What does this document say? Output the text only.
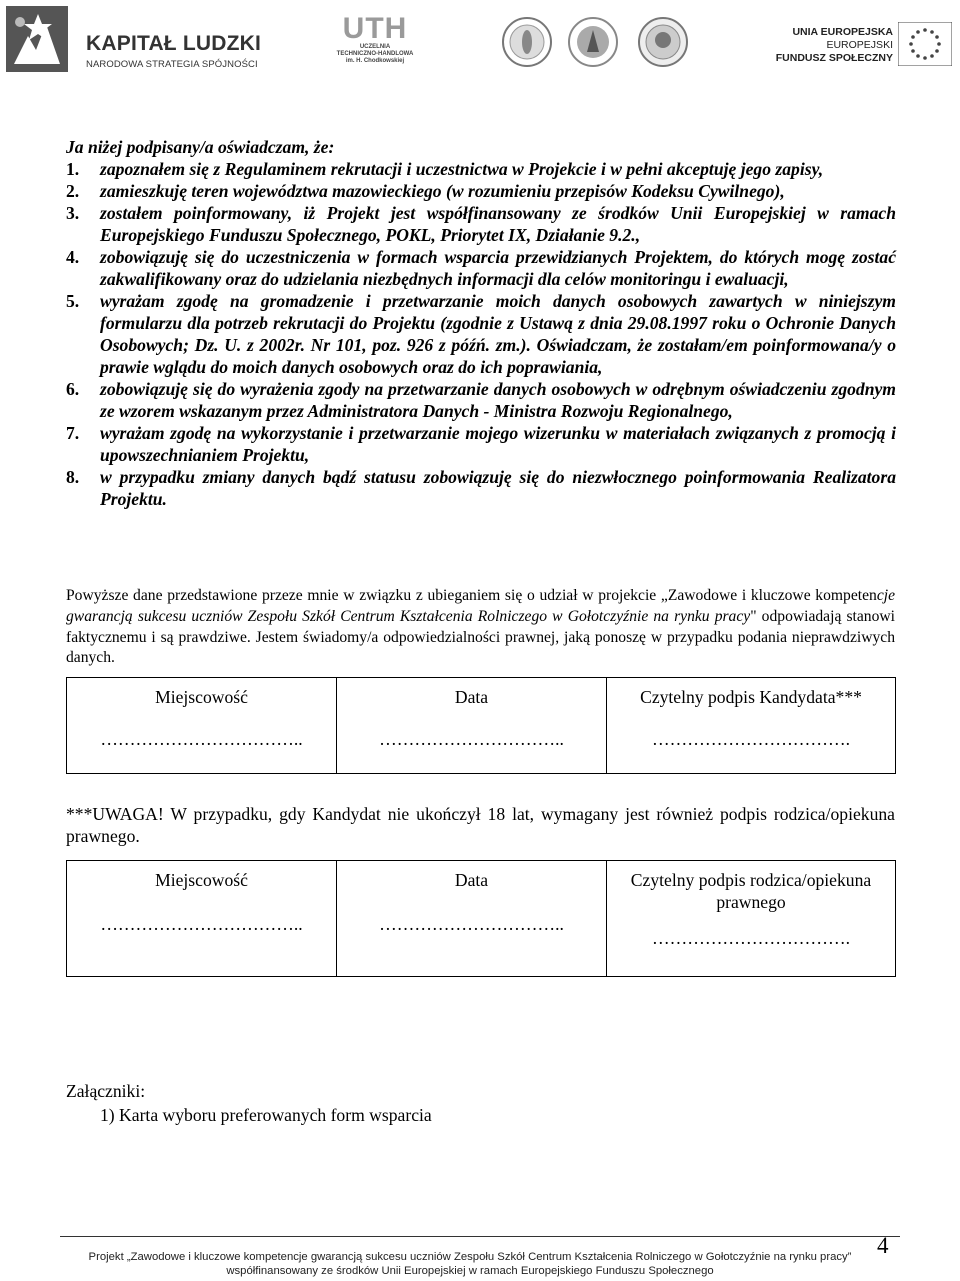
KAPITAŁ LUDZKI
NARODOWA STRATEGIA SPÓJNOŚCI
UTH
UCZELNIA
TECHNICZNO-HANDLOWA
im. H. Chodkowskiej
UNIA EUROPEJSKA
EUROPEJSKI
FUNDUSZ SPOŁECZNY
Ja niżej podpisany/a oświadczam, że:
1. zapoznałem się z Regulaminem rekrutacji i uczestnictwa w Projekcie i w pełni akceptuję jego zapisy,
2. zamieszkuję teren województwa mazowieckiego (w rozumieniu przepisów Kodeksu Cywilnego),
3. zostałem poinformowany, iż Projekt jest współfinansowany ze środków Unii Europejskiej w ramach Europejskiego Funduszu Społecznego, POKL, Priorytet IX, Działanie 9.2.,
4. zobowiązuję się do uczestniczenia w formach wsparcia przewidzianych Projektem, do których mogę zostać zakwalifikowany oraz do udzielania niezbędnych informacji dla celów monitoringu i ewaluacji,
5. wyrażam zgodę na gromadzenie i przetwarzanie moich danych osobowych zawartych w niniejszym formularzu dla potrzeb rekrutacji do Projektu (zgodnie z Ustawą z dnia 29.08.1997 roku o Ochronie Danych Osobowych; Dz. U. z 2002r. Nr 101, poz. 926 z późń. zm.). Oświadczam, że zostałam/em poinformowana/y o prawie wglądu do moich danych osobowych oraz do ich poprawiania,
6. zobowiązuję się do wyrażenia zgody na przetwarzanie danych osobowych w odrębnym oświadczeniu zgodnym ze wzorem wskazanym przez Administratora Danych - Ministra Rozwoju Regionalnego,
7. wyrażam zgodę na wykorzystanie i przetwarzanie mojego wizerunku w materiałach związanych z promocją i upowszechnianiem Projektu,
8. w przypadku zmiany danych bądź statusu zobowiązuję się do niezwłocznego poinformowania Realizatora Projektu.

Powyższe dane przedstawione przeze mnie w związku z ubieganiem się o udział w projekcie „Zawodowe i kluczowe kompetencje gwarancją sukcesu uczniów Zespołu Szkół Centrum Kształcenia Rolniczego w Gołotczyźnie na rynku pracy" odpowiadają stanowi faktycznemu i są prawdziwe. Jestem świadomy/a odpowiedzialności prawnej, jaką ponoszę w przypadku podania nieprawdziwych danych.

Miejscowość
……………………………..
	Data
…………………………..
	Czytelny podpis Kandydata***
…………………………….
***UWAGA! W przypadku, gdy Kandydat nie ukończył 18 lat, wymagany jest również podpis rodzica/opiekuna prawnego.
Miejscowość
……………………………..
	Data
…………………………..
	Czytelny podpis rodzica/opiekuna prawnego
…………………………….
Załączniki:
1) Karta wyboru preferowanych form wsparcia
Projekt „Zawodowe i kluczowe kompetencje gwarancją sukcesu uczniów Zespołu Szkół Centrum Kształcenia Rolniczego w Gołotczyźnie na rynku pracy”
współfinansowany ze środków Unii Europejskiej w ramach Europejskiego Funduszu Społecznego
4
